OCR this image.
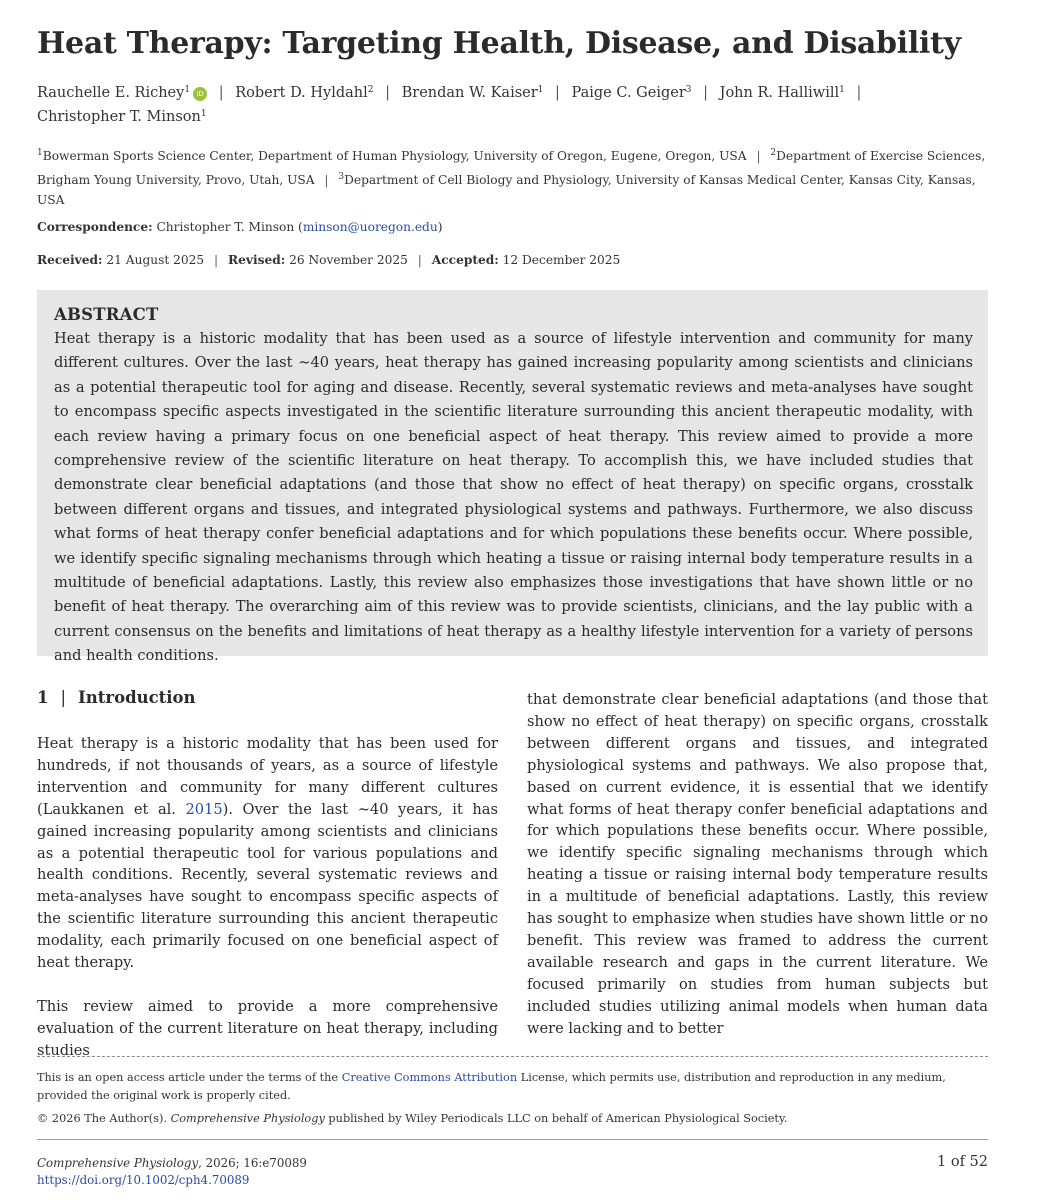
Heat Therapy: Targeting Health, Disease, and Disability
Rauchelle E. Richey$^1$ iD | Robert D. Hyldahl$^2$ | Brendan W. Kaiser$^1$ | Paige C. Geiger$^3$ | John R. Halliwill$^1$ |
Christopher T. Minson$^1$
$^1$Bowerman Sports Science Center, Department of Human Physiology, University of Oregon, Eugene, Oregon, USA | $^2$Department of Exercise Sciences, Brigham Young University, Provo, Utah, USA | $^3$Department of Cell Biology and Physiology, University of Kansas Medical Center, Kansas City, Kansas, USA
Correspondence: Christopher T. Minson (minson@uoregon.edu)
Received: 21 August 2025 | Revised: 26 November 2025 | Accepted: 12 December 2025
ABSTRACT
Heat therapy is a historic modality that has been used as a source of lifestyle intervention and community for many different cultures. Over the last ~40 years, heat therapy has gained increasing popularity among scientists and clinicians as a potential therapeutic tool for aging and disease. Recently, several systematic reviews and meta-analyses have sought to encompass specific aspects investigated in the scientific literature surrounding this ancient therapeutic modality, with each review having a primary focus on one beneficial aspect of heat therapy. This review aimed to provide a more comprehensive review of the scientific literature on heat therapy. To accomplish this, we have included studies that demonstrate clear beneficial adaptations (and those that show no effect of heat therapy) on specific organs, crosstalk between different organs and tissues, and integrated physiological systems and pathways. Furthermore, we also discuss what forms of heat therapy confer beneficial adaptations and for which populations these benefits occur. Where possible, we identify specific signaling mechanisms through which heating a tissue or raising internal body temperature results in a multitude of beneficial adaptations. Lastly, this review also emphasizes those investigations that have shown little or no benefit of heat therapy. The overarching aim of this review was to provide scientists, clinicians, and the lay public with a current consensus on the benefits and limitations of heat therapy as a healthy lifestyle intervention for a variety of persons and health conditions.
1 | Introduction

Heat therapy is a historic modality that has been used for hundreds, if not thousands of years, as a source of lifestyle intervention and community for many different cultures (Laukkanen et al. 2015). Over the last ~40 years, it has gained increasing popularity among scientists and clinicians as a potential therapeutic tool for various populations and health conditions. Recently, several systematic reviews and meta-analyses have sought to encompass specific aspects of the scientific literature surrounding this ancient therapeutic modality, each primarily focused on one beneficial aspect of heat therapy.

This review aimed to provide a more comprehensive evaluation of the current literature on heat therapy, including studies

that demonstrate clear beneficial adaptations (and those that show no effect of heat therapy) on specific organs, crosstalk between different organs and tissues, and integrated physiological systems and pathways. We also propose that, based on current evidence, it is essential that we identify what forms of heat therapy confer beneficial adaptations and for which populations these benefits occur. Where possible, we identify specific signaling mechanisms through which heating a tissue or raising internal body temperature results in a multitude of beneficial adaptations. Lastly, this review has sought to emphasize when studies have shown little or no benefit. This review was framed to address the current available research and gaps in the current literature. We focused primarily on studies from human subjects but included studies utilizing animal models when human data were lacking and to better

This is an open access article under the terms of the Creative Commons Attribution License, which permits use, distribution and reproduction in any medium, provided the original work is properly cited.
© 2026 The Author(s). Comprehensive Physiology published by Wiley Periodicals LLC on behalf of American Physiological Society.
Comprehensive Physiology, 2026; 16:e70089
https://doi.org/10.1002/cph4.70089
1 of 52
